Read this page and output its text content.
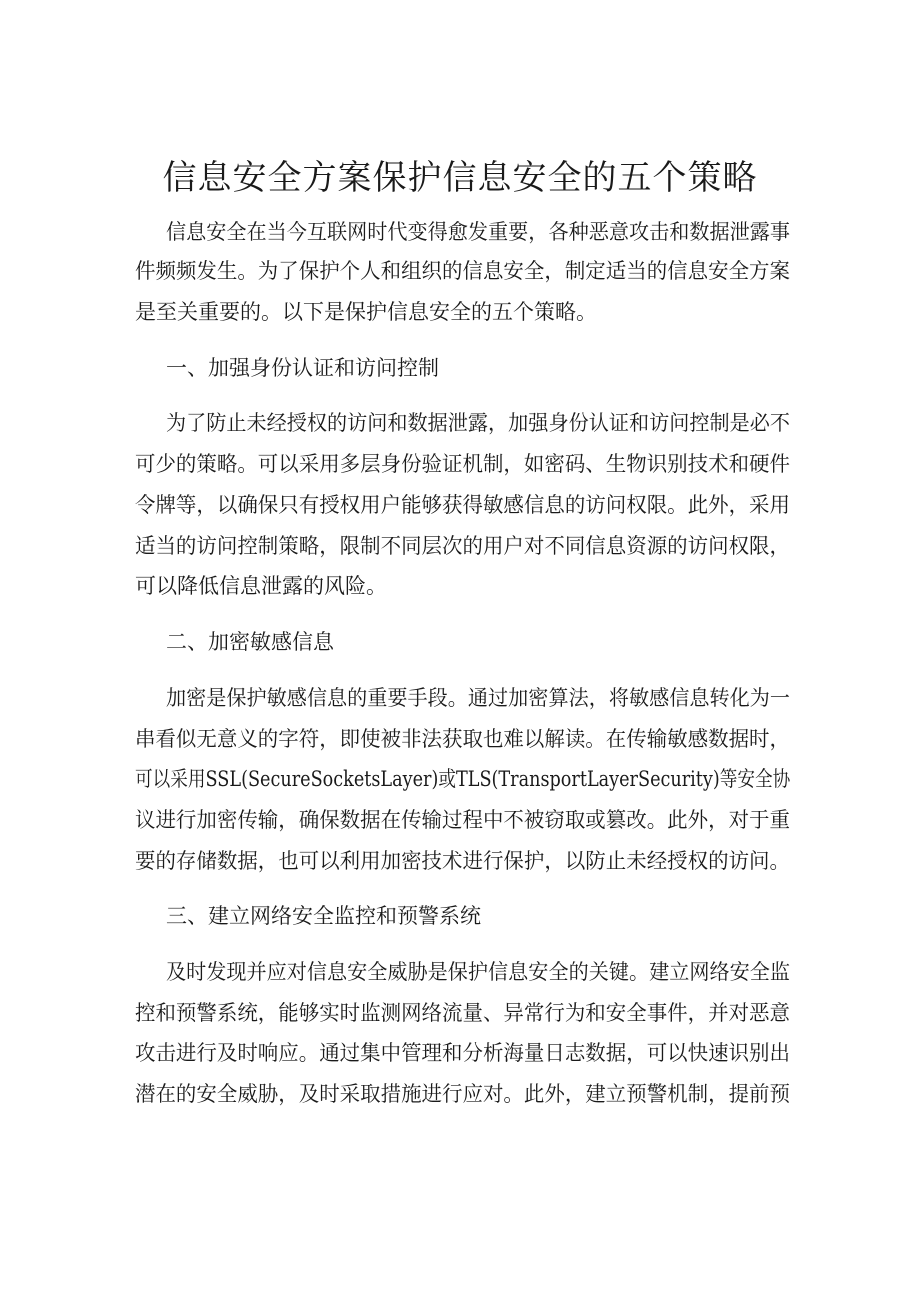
信息安全方案保护信息安全的五个策略

信息安全在当今互联网时代变得愈发重要，各种恶意攻击和数据泄露事

件频频发生。为了保护个人和组织的信息安全，制定适当的信息安全方案

是至关重要的。以下是保护信息安全的五个策略。

一、加强身份认证和访问控制

为了防止未经授权的访问和数据泄露，加强身份认证和访问控制是必不

可少的策略。可以采用多层身份验证机制，如密码、生物识别技术和硬件

令牌等，以确保只有授权用户能够获得敏感信息的访问权限。此外，采用

适当的访问控制策略，限制不同层次的用户对不同信息资源的访问权限，

可以降低信息泄露的风险。

二、加密敏感信息

加密是保护敏感信息的重要手段。通过加密算法，将敏感信息转化为一

串看似无意义的字符，即使被非法获取也难以解读。在传输敏感数据时，

可以采用SSL(SecureSocketsLayer)或TLS(TransportLayerSecurity)等安全协

议进行加密传输，确保数据在传输过程中不被窃取或篡改。此外，对于重

要的存储数据，也可以利用加密技术进行保护，以防止未经授权的访问。

三、建立网络安全监控和预警系统

及时发现并应对信息安全威胁是保护信息安全的关键。建立网络安全监

控和预警系统，能够实时监测网络流量、异常行为和安全事件，并对恶意

攻击进行及时响应。通过集中管理和分析海量日志数据，可以快速识别出

潜在的安全威胁，及时采取措施进行应对。此外，建立预警机制，提前预
